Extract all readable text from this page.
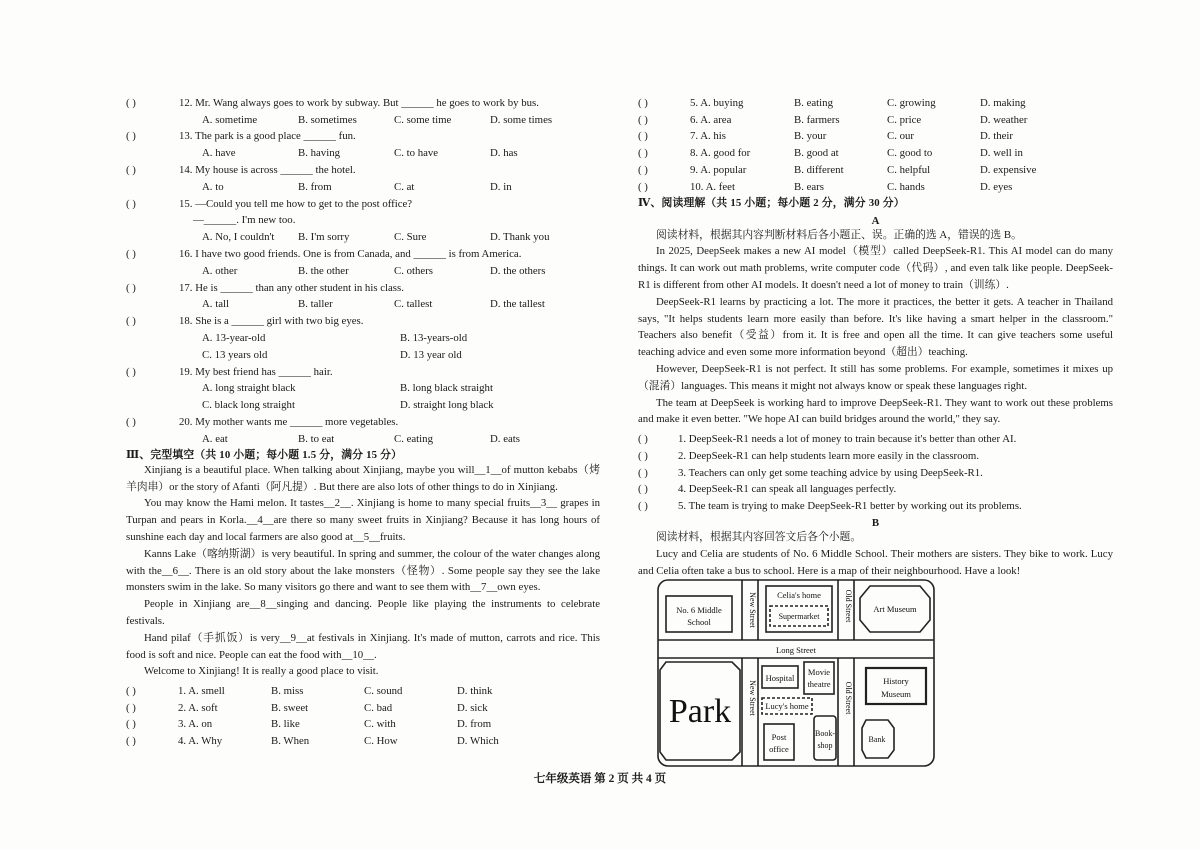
( )	12. Mr. Wang always goes to work by subway. But ______ he goes to work by bus.
A. sometime	B. sometimes	C. some time	D. some times
( )	13. The park is a good place ______ fun.
A. have	B. having	C. to have	D. has
( )	14. My house is across ______ the hotel.
A. to	B. from	C. at	D. in
( )	15. —Could you tell me how to get to the post office?
—______. I'm new too.
A. No, I couldn't	B. I'm sorry	C. Sure	D. Thank you
( )	16. I have two good friends. One is from Canada, and ______ is from America.
A. other	B. the other	C. others	D. the others
( )	17. He is ______ than any other student in his class.
A. tall	B. taller	C. tallest	D. the tallest
( )	18. She is a ______ girl with two big eyes.
A. 13-year-old	B. 13-years-old
C. 13 years old	D. 13 year old
( )	19. My best friend has ______ hair.
A. long straight black	B. long black straight
C. black long straight	D. straight long black
( )	20. My mother wants me ______ more vegetables.
A. eat	B. to eat	C. eating	D. eats
Ⅲ、完型填空（共 10 小题；每小题 1.5 分，满分 15 分）
Xinjiang is a beautiful place. When talking about Xinjiang, maybe you will__1__of mutton kebabs（烤羊肉串）or the story of Afanti（阿凡提）. But there are also lots of other things to do in Xinjiang.
You may know the Hami melon. It tastes__2__. Xinjiang is home to many special fruits__3__ grapes in Turpan and pears in Korla.__4__are there so many sweet fruits in Xinjiang? Because it has long hours of sunshine each day and local farmers are also good at__5__fruits.
Kanns Lake（喀纳斯湖）is very beautiful. In spring and summer, the colour of the water changes along with the__6__. There is an old story about the lake monsters（怪物）. Some people say they see the lake monsters swim in the lake. So many visitors go there and want to see them with__7__own eyes.
People in Xinjiang are__8__singing and dancing. People like playing the instruments to celebrate festivals.
Hand pilaf（手抓饭）is very__9__at festivals in Xinjiang. It's made of mutton, carrots and rice. This food is soft and nice. People can eat the food with__10__.
Welcome to Xinjiang! It is really a good place to visit.
( )	1. A. smell	B. miss	C. sound	D. think
( )	2. A. soft	B. sweet	C. bad	D. sick
( )	3. A. on	B. like	C. with	D. from
( )	4. A. Why	B. When	C. How	D. Which
( )	5. A. buying	B. eating	C. growing	D. making
( )	6. A. area	B. farmers	C. price	D. weather
( )	7. A. his	B. your	C. our	D. their
( )	8. A. good for	B. good at	C. good to	D. well in
( )	9. A. popular	B. different	C. helpful	D. expensive
( )	10. A. feet	B. ears	C. hands	D. eyes
Ⅳ、阅读理解（共 15 小题；每小题 2 分，满分 30 分）
A
阅读材料，根据其内容判断材料后各小题正、误。正确的选 A，错误的选 B。
In 2025, DeepSeek makes a new AI model（模型）called DeepSeek-R1. This AI model can do many things. It can work out math problems, write computer code（代码）, and even talk like people. DeepSeek-R1 is different from other AI models. It doesn't need a lot of money to train（训练）.
DeepSeek-R1 learns by practicing a lot. The more it practices, the better it gets. A teacher in Thailand says, "It helps students learn more easily than before. It's like having a smart helper in the classroom." Teachers also benefit（受益）from it. It is free and open all the time. It can give teachers some useful teaching advice and even some more information beyond（超出）teaching.
However, DeepSeek-R1 is not perfect. It still has some problems. For example, sometimes it mixes up（混淆）languages. This means it might not always know or speak these languages right.
The team at DeepSeek is working hard to improve DeepSeek-R1. They want to work out these problems and make it even better. "We hope AI can build bridges around the world," they say.
( )	1. DeepSeek-R1 needs a lot of money to train because it's better than other AI.
( )	2. DeepSeek-R1 can help students learn more easily in the classroom.
( )	3. Teachers can only get some teaching advice by using DeepSeek-R1.
( )	4. DeepSeek-R1 can speak all languages perfectly.
( )	5. The team is trying to make DeepSeek-R1 better by working out its problems.
B
阅读材料，根据其内容回答文后各个小题。
Lucy and Celia are students of No. 6 Middle School. Their mothers are sisters. They bike to work. Lucy and Celia often take a bus to school. Here is a map of their neighbourhood. Have a look!
No. 6 Middle
School	New Street
New Street
Celia's home
Supermarket	Old Street
Old Street
Art Museum
Long Street
Hospital
Movie
theatre	History
Museum
Park	Lucy's home
Post
office
Book-
shop
Bank
七年级英语 第 2 页 共 4 页
